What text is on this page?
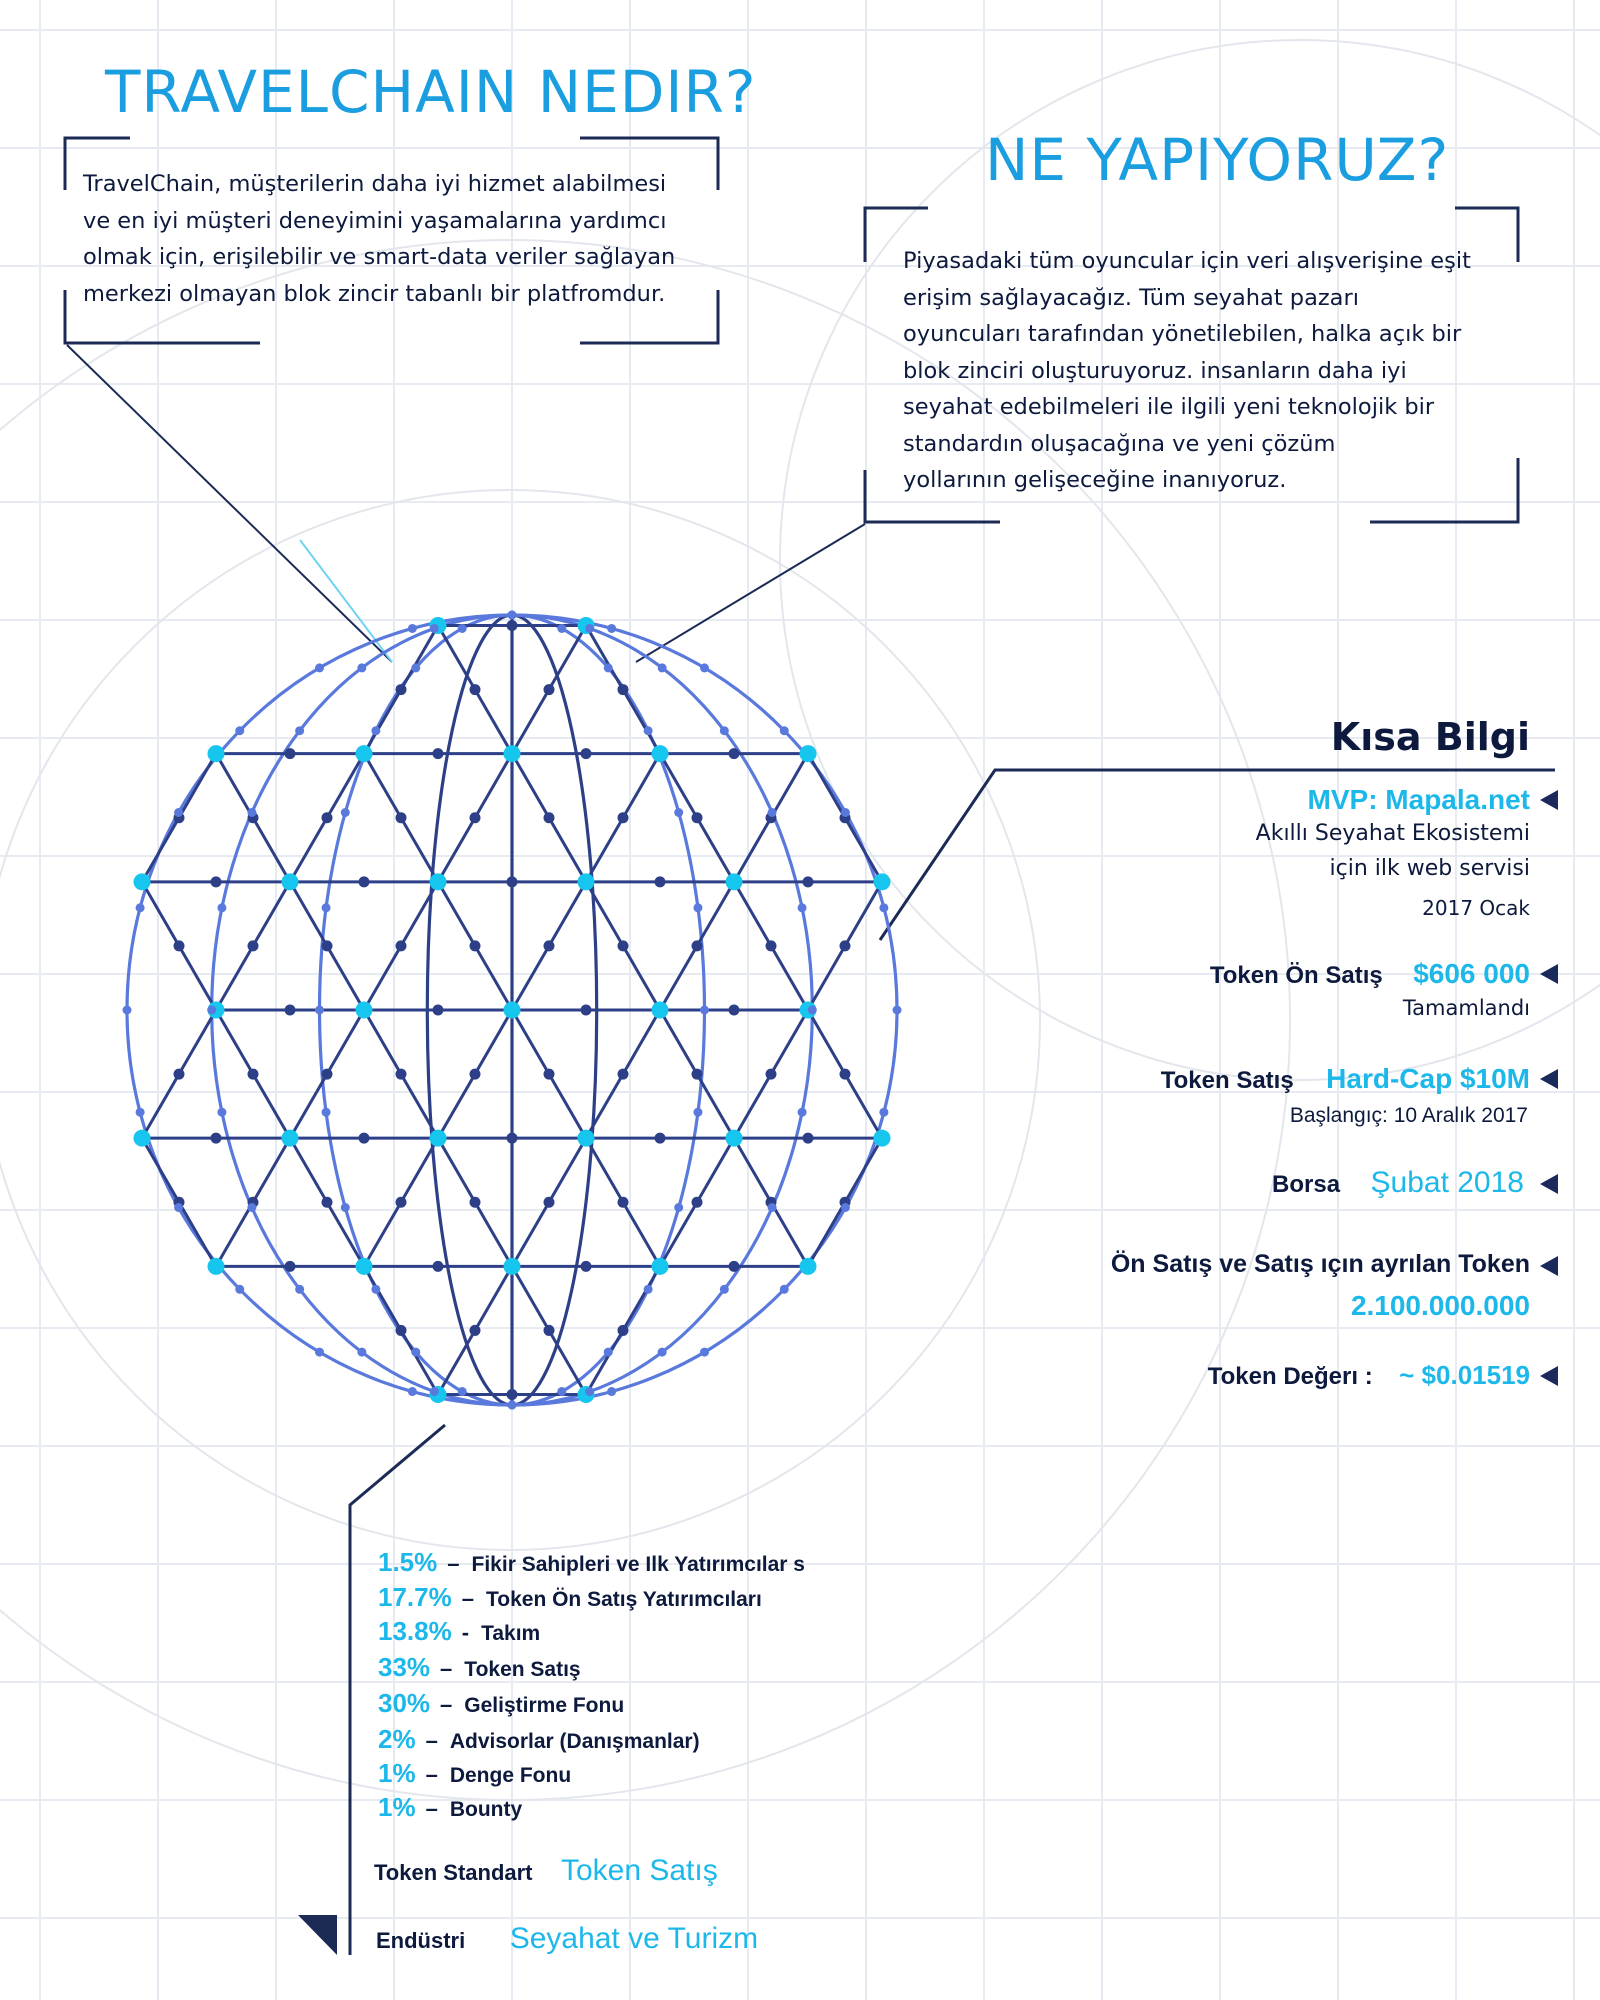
TRAVELCHAIN NEDIR?
TravelChain, müşterilerin daha iyi hizmet alabilmesi
ve en iyi müşteri deneyimini yaşamalarına yardımcı
olmak için, erişilebilir ve smart-data veriler sağlayan
merkezi olmayan blok zincir tabanlı bir platfromdur.
NE YAPIYORUZ?
Piyasadaki tüm oyuncular için veri alışverişine eşit
erişim sağlayacağız. Tüm seyahat pazarı
oyuncuları tarafından yönetilebilen, halka açık bir
blok zinciri oluşturuyoruz. insanların daha iyi
seyahat edebilmeleri ile ilgili yeni teknolojik bir
standardın oluşacağına ve yeni çözüm
yollarının gelişeceğine inanıyoruz.
Kısa Bilgi
MVP: Mapala.net
Akıllı Seyahat Ekosistemi
için ilk web servisi
2017 Ocak
Token Ön Satış $606 000
Tamamlandı
Token Satış Hard-Cap $10M
Başlangıç: 10 Aralık 2017
Borsa Şubat 2018
Ön Satış ve Satış ıçın ayrılan Token
2.100.000.000
Token Değerı : ~ $0.01519
1.5% – Fikir Sahipleri ve Ilk Yatırımcılar s
17.7% – Token Ön Satış Yatırımcıları
13.8% - Takım
33% – Token Satış
30% – Geliştirme Fonu
2% – Advisorlar (Danışmanlar)
1% – Denge Fonu
1% – Bounty
Token Standart Token Satış
Endüstri Seyahat ve Turizm
